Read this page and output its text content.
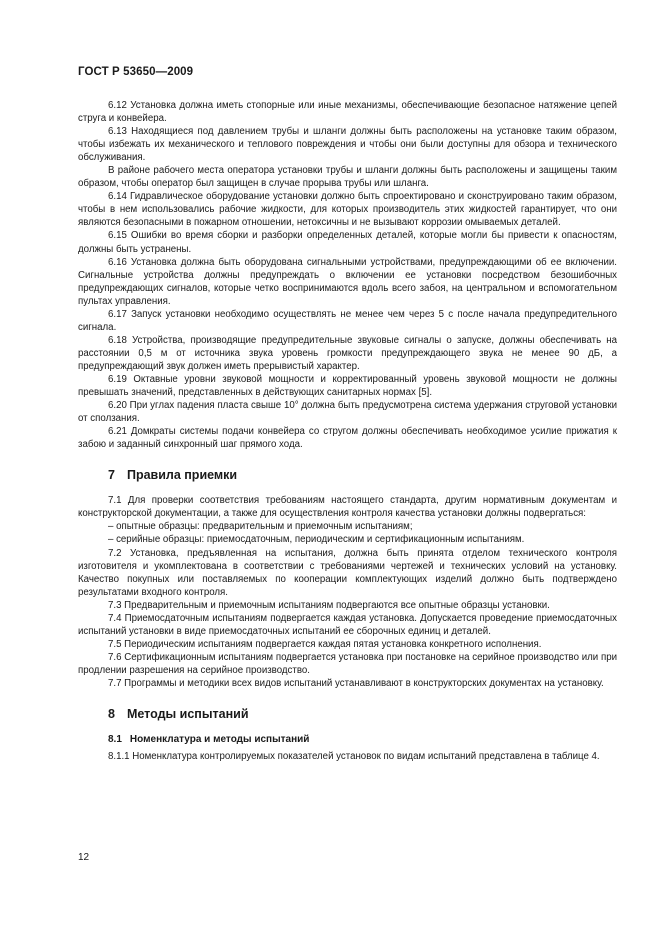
ГОСТ Р 53650—2009

6.12 Установка должна иметь стопорные или иные механизмы, обеспечивающие безопасное натяжение цепей струга и конвейера.

6.13 Находящиеся под давлением трубы и шланги должны быть расположены на установке таким образом, чтобы избежать их механического и теплового повреждения и чтобы они были доступны для обзора и технического обслуживания.

В районе рабочего места оператора установки трубы и шланги должны быть расположены и защищены таким образом, чтобы оператор был защищен в случае прорыва трубы или шланга.

6.14 Гидравлическое оборудование установки должно быть спроектировано и сконструировано таким образом, чтобы в нем использовались рабочие жидкости, для которых производитель этих жидкостей гарантирует, что они являются безопасными в пожарном отношении, нетоксичны и не вызывают коррозии омываемых деталей.

6.15 Ошибки во время сборки и разборки определенных деталей, которые могли бы привести к опасностям, должны быть устранены.

6.16 Установка должна быть оборудована сигнальными устройствами, предупреждающими об ее включении. Сигнальные устройства должны предупреждать о включении ее установки посредством безошибочных предупреждающих сигналов, которые четко воспринимаются вдоль всего забоя, на центральном и вспомогательном пультах управления.

6.17 Запуск установки необходимо осуществлять не менее чем через 5 с после начала предупредительного сигнала.

6.18 Устройства, производящие предупредительные звуковые сигналы о запуске, должны обеспечивать на расстоянии 0,5 м от источника звука уровень громкости предупреждающего звука не менее 90 дБ, а предупреждающий звук должен иметь прерывистый характер.

6.19 Октавные уровни звуковой мощности и корректированный уровень звуковой мощности не должны превышать значений, представленных в действующих санитарных нормах [5].

6.20 При углах падения пласта свыше 10° должна быть предусмотрена система удержания струговой установки от сползания.

6.21 Домкраты системы подачи конвейера со стругом должны обеспечивать необходимое усилие прижатия к забою и заданный синхронный шаг прямого хода.

7 Правила приемки

7.1 Для проверки соответствия требованиям настоящего стандарта, другим нормативным документам и конструкторской документации, а также для осуществления контроля качества установки должны подвергаться:

– опытные образцы: предварительным и приемочным испытаниям;

– серийные образцы: приемосдаточным, периодическим и сертификационным испытаниям.

7.2 Установка, предъявленная на испытания, должна быть принята отделом технического контроля изготовителя и укомплектована в соответствии с требованиями чертежей и технических условий на установку. Качество покупных или поставляемых по кооперации комплектующих изделий должно быть подтверждено результатами входного контроля.

7.3 Предварительным и приемочным испытаниям подвергаются все опытные образцы установки.

7.4 Приемосдаточным испытаниям подвергается каждая установка. Допускается проведение приемосдаточных испытаний установки в виде приемосдаточных испытаний ее сборочных единиц и деталей.

7.5 Периодическим испытаниям подвергается каждая пятая установка конкретного исполнения.

7.6 Сертификационным испытаниям подвергается установка при постановке на серийное производство или при продлении разрешения на серийное производство.

7.7 Программы и методики всех видов испытаний устанавливают в конструкторских документах на установку.

8 Методы испытаний
8.1 Номенклатура и методы испытаний

8.1.1 Номенклатура контролируемых показателей установок по видам испытаний представлена в таблице 4.

12
